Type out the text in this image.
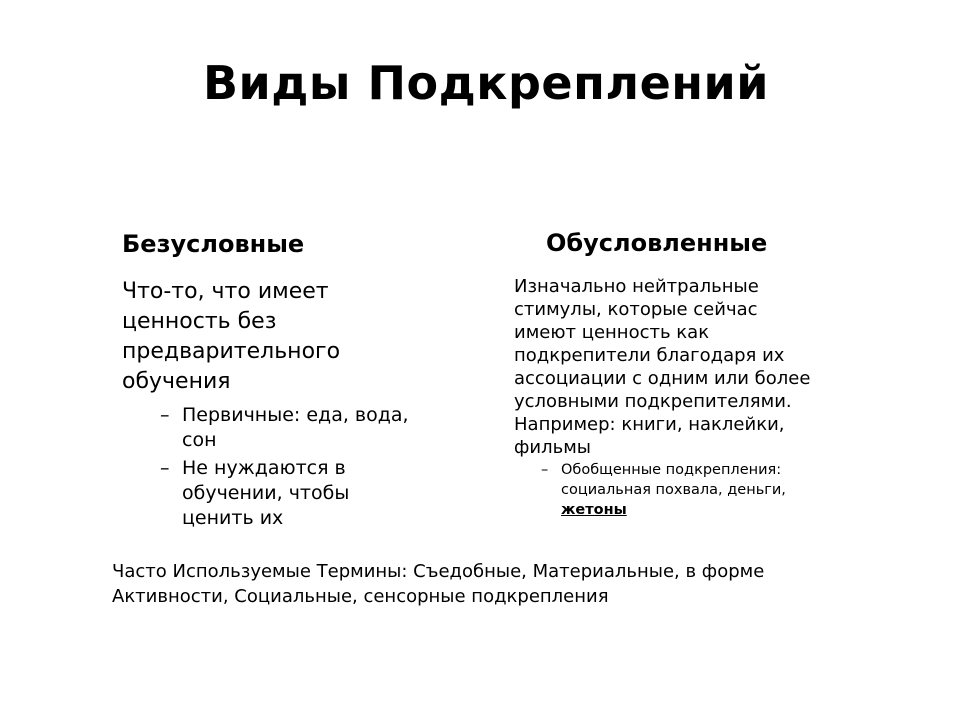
Виды Подкреплений
Безусловные

Что-то, что имеет ценность без предварительного обучения

– Первичные: еда, вода, сон
– Не нуждаются в обучении, чтобы ценить их
Обусловленные

Изначально нейтральные стимулы, которые сейчас имеют ценность как подкрепители благодаря их ассоциации с одним или более условными подкрепителями. Например: книги, наклейки, фильмы

– Обобщенные подкрепления: социальная похвала, деньги, жетоны

Часто Используемые Термины: Съедобные, Материальные, в форме Активности, Социальные, сенсорные подкрепления
